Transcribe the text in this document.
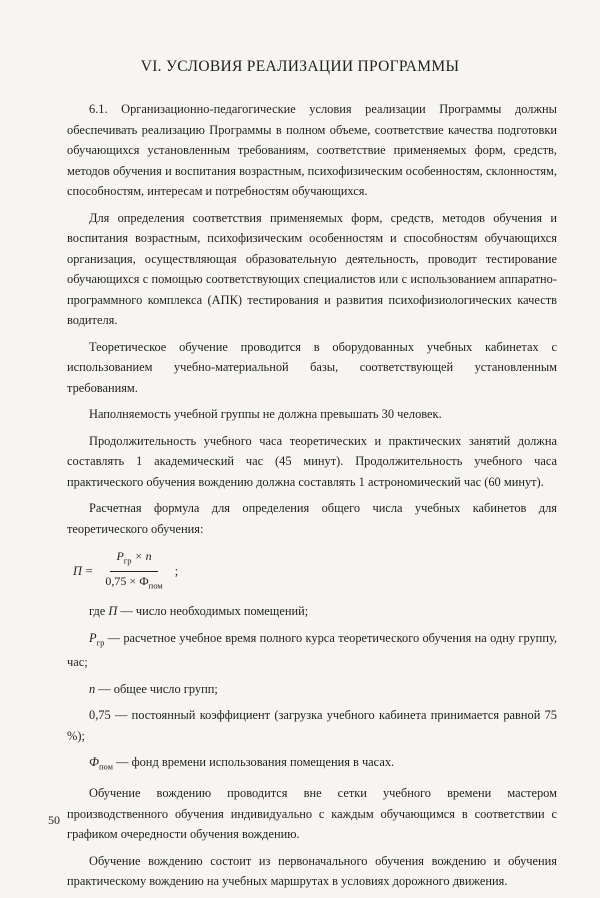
VI. УСЛОВИЯ РЕАЛИЗАЦИИ ПРОГРАММЫ

6.1. Организационно-педагогические условия реализации Программы должны обеспечивать реализацию Программы в полном объеме, соответствие качества подготовки обучающихся установленным требованиям, соответствие применяемых форм, средств, методов обучения и воспитания возрастным, психофизическим особенностям, склонностям, способностям, интересам и потребностям обучающихся.

Для определения соответствия применяемых форм, средств, методов обучения и воспитания возрастным, психофизическим особенностям и способностям обучающихся организация, осуществляющая образовательную деятельность, проводит тестирование обучающихся с помощью соответствующих специалистов или с использованием аппаратно-программного комплекса (АПК) тестирования и развития психофизиологических качеств водителя.

Теоретическое обучение проводится в оборудованных учебных кабинетах с использованием учебно-материальной базы, соответствующей установленным требованиям.

Наполняемость учебной группы не должна превышать 30 человек.

Продолжительность учебного часа теоретических и практических занятий должна составлять 1 академический час (45 минут). Продолжительность учебного часа практического обучения вождению должна составлять 1 астрономический час (60 минут).

Расчетная формула для определения общего числа учебных кабинетов для теоретического обучения:

$П = \frac{P_{гр} \times n}{0,75 \times Ф_{пом}}$ ;

где П — число необходимых помещений;

$P_{гр}$ — расчетное учебное время полного курса теоретического обучения на одну группу, час;

n — общее число групп;

0,75 — постоянный коэффициент (загрузка учебного кабинета принимается равной 75 %);

$Ф_{пом}$ — фонд времени использования помещения в часах.

Обучение вождению проводится вне сетки учебного времени мастером производственного обучения индивидуально с каждым обучающимся в соответствии с графиком очередности обучения вождению.

Обучение вождению состоит из первоначального обучения вождению и обучения практическому вождению на учебных маршрутах в условиях дорожного движения.

50
